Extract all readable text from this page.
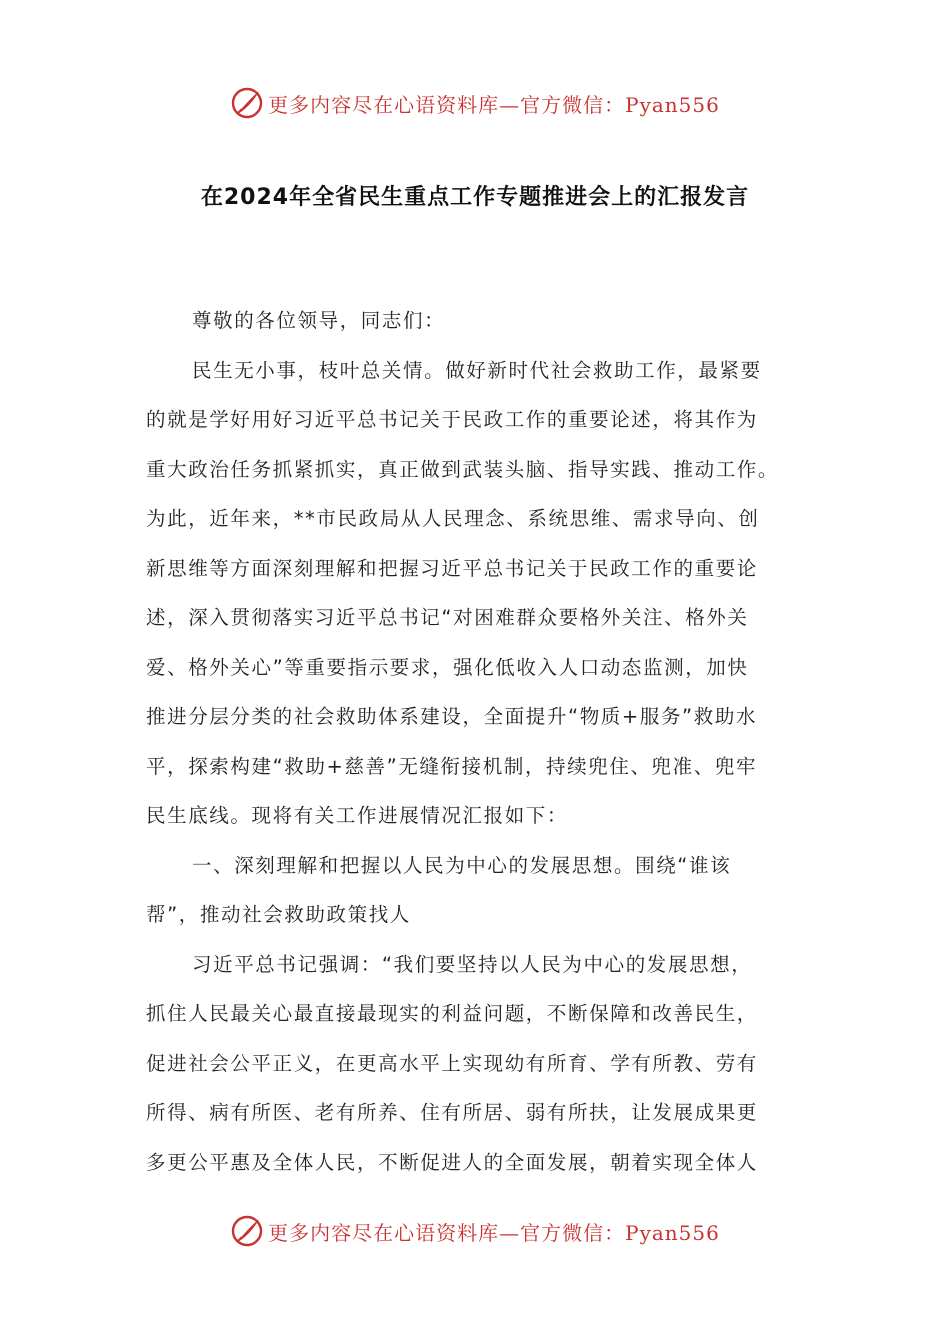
更多内容尽在心语资料库—官方微信：Pyan556
在2024年全省民生重点工作专题推进会上的汇报发言
尊敬的各位领导，同志们：
民生无小事，枝叶总关情。做好新时代社会救助工作，最紧要
的就是学好用好习近平总书记关于民政工作的重要论述，将其作为
重大政治任务抓紧抓实，真正做到武装头脑、指导实践、推动工作。
为此，近年来，**市民政局从人民理念、系统思维、需求导向、创
新思维等方面深刻理解和把握习近平总书记关于民政工作的重要论
述，深入贯彻落实习近平总书记“对困难群众要格外关注、格外关
爱、格外关心”等重要指示要求，强化低收入人口动态监测，加快
推进分层分类的社会救助体系建设，全面提升“物质+服务”救助水
平，探索构建“救助+慈善”无缝衔接机制，持续兜住、兜准、兜牢
民生底线。现将有关工作进展情况汇报如下：
一、深刻理解和把握以人民为中心的发展思想。围绕“谁该
帮”，推动社会救助政策找人
习近平总书记强调：“我们要坚持以人民为中心的发展思想，
抓住人民最关心最直接最现实的利益问题，不断保障和改善民生，
促进社会公平正义，在更高水平上实现幼有所育、学有所教、劳有
所得、病有所医、老有所养、住有所居、弱有所扶，让发展成果更
多更公平惠及全体人民，不断促进人的全面发展，朝着实现全体人
更多内容尽在心语资料库—官方微信：Pyan556
